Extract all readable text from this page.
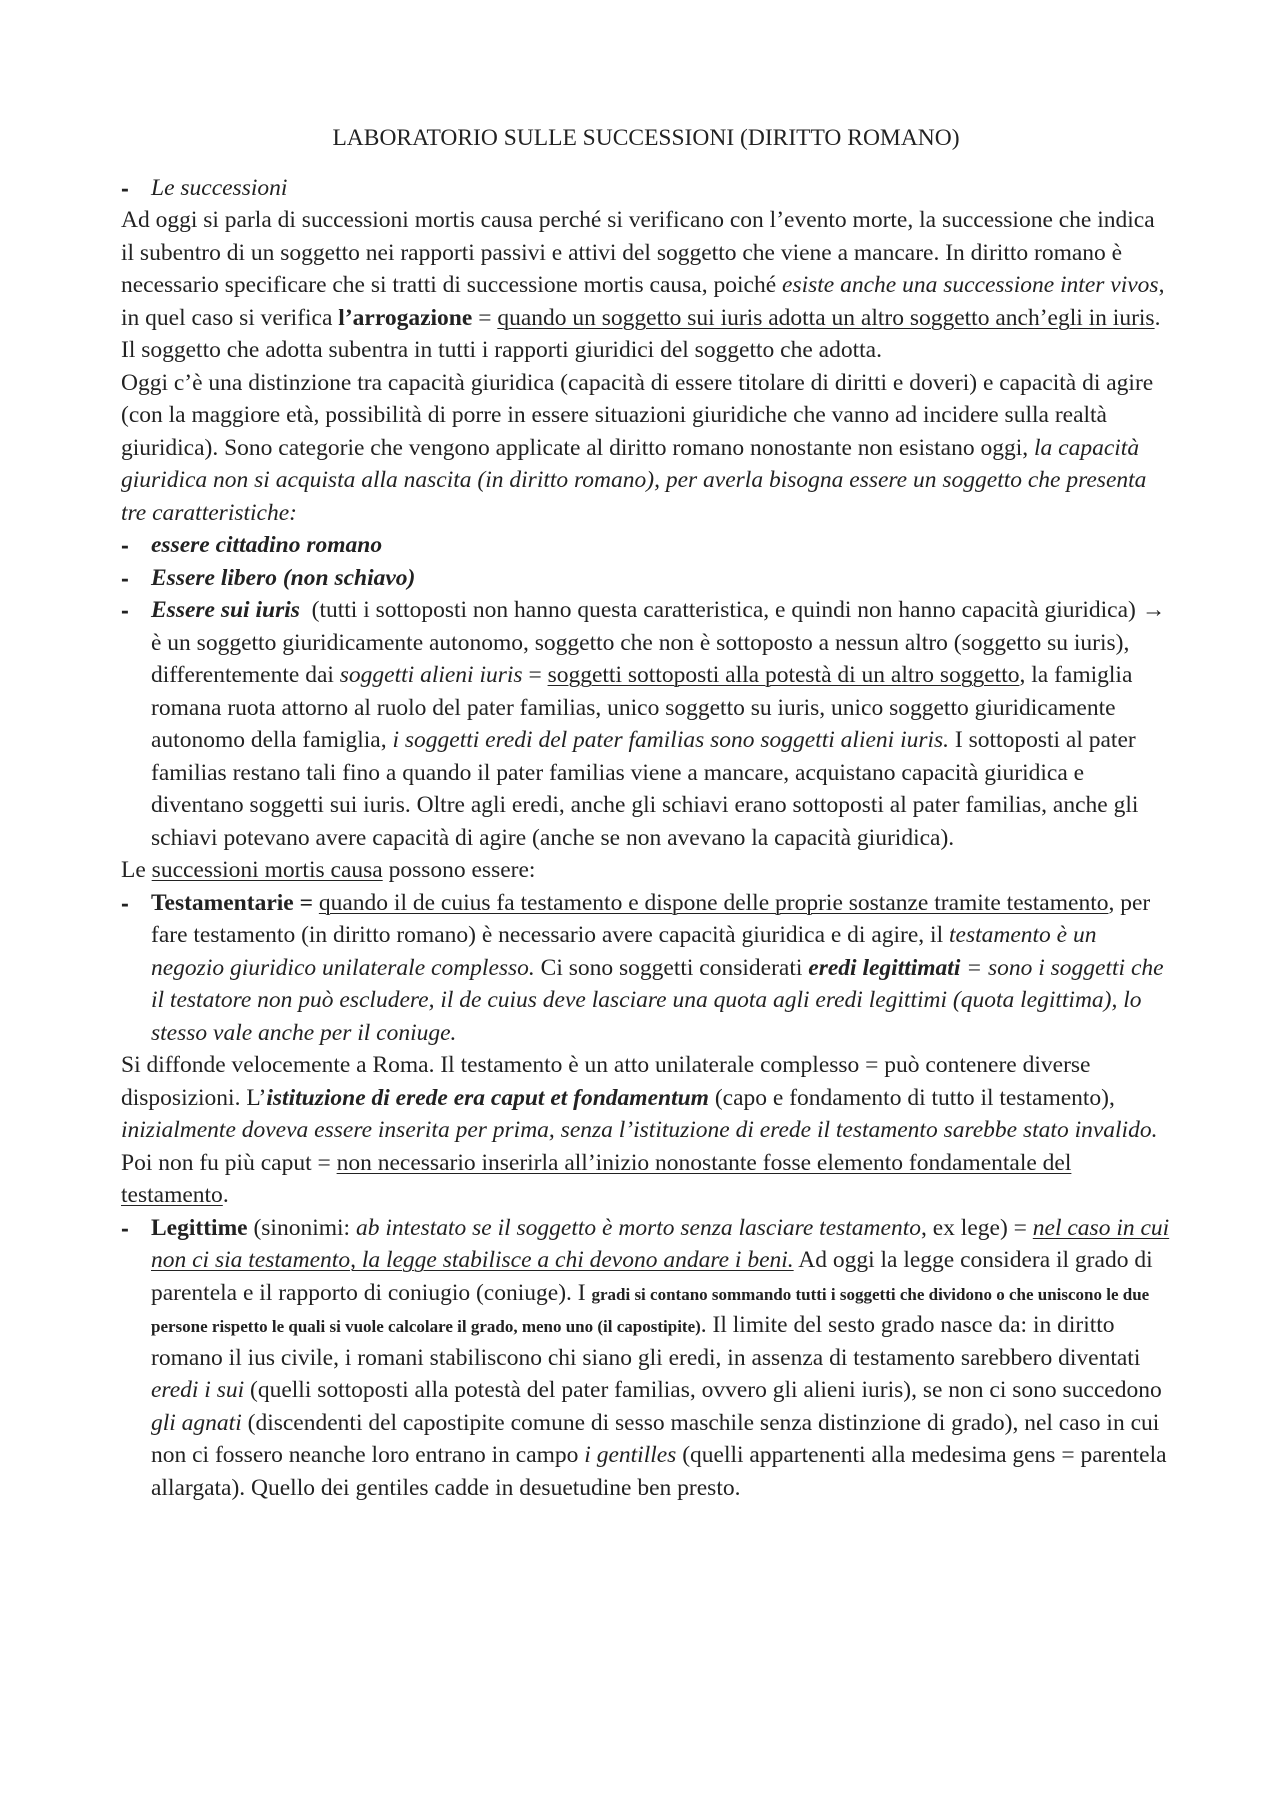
LABORATORIO SULLE SUCCESSIONI (DIRITTO ROMANO)

- Le successioni

Ad oggi si parla di successioni mortis causa perché si verificano con l’evento morte, la successione che indica il subentro di un soggetto nei rapporti passivi e attivi del soggetto che viene a mancare. In diritto romano è necessario specificare che si tratti di successione mortis causa, poiché esiste anche una successione inter vivos, in quel caso si verifica l’arrogazione = quando un soggetto sui iuris adotta un altro soggetto anch’egli in iuris. Il soggetto che adotta subentra in tutti i rapporti giuridici del soggetto che adotta.

Oggi c’è una distinzione tra capacità giuridica (capacità di essere titolare di diritti e doveri) e capacità di agire (con la maggiore età, possibilità di porre in essere situazioni giuridiche che vanno ad incidere sulla realtà giuridica). Sono categorie che vengono applicate al diritto romano nonostante non esistano oggi, la capacità giuridica non si acquista alla nascita (in diritto romano), per averla bisogna essere un soggetto che presenta tre caratteristiche:

- essere cittadino romano

- Essere libero (non schiavo)

- Essere sui iuris  (tutti i sottoposti non hanno questa caratteristica, e quindi non hanno capacità giuridica) → è un soggetto giuridicamente autonomo, soggetto che non è sottoposto a nessun altro (soggetto su iuris), differentemente dai soggetti alieni iuris = soggetti sottoposti alla potestà di un altro soggetto, la famiglia romana ruota attorno al ruolo del pater familias, unico soggetto su iuris, unico soggetto giuridicamente autonomo della famiglia, i soggetti eredi del pater familias sono soggetti alieni iuris. I sottoposti al pater familias restano tali fino a quando il pater familias viene a mancare, acquistano capacità giuridica e diventano soggetti sui iuris. Oltre agli eredi, anche gli schiavi erano sottoposti al pater familias, anche gli schiavi potevano avere capacità di agire (anche se non avevano la capacità giuridica).

Le successioni mortis causa possono essere:

- Testamentarie = quando il de cuius fa testamento e dispone delle proprie sostanze tramite testamento, per fare testamento (in diritto romano) è necessario avere capacità giuridica e di agire, il testamento è un negozio giuridico unilaterale complesso. Ci sono soggetti considerati eredi legittimati = sono i soggetti che il testatore non può escludere, il de cuius deve lasciare una quota agli eredi legittimi (quota legittima), lo stesso vale anche per il coniuge.

Si diffonde velocemente a Roma. Il testamento è un atto unilaterale complesso = può contenere diverse disposizioni. L’istituzione di erede era caput et fondamentum (capo e fondamento di tutto il testamento), inizialmente doveva essere inserita per prima, senza l’istituzione di erede il testamento sarebbe stato invalido. Poi non fu più caput = non necessario inserirla all’inizio nonostante fosse elemento fondamentale del testamento.

- Legittime (sinonimi: ab intestato se il soggetto è morto senza lasciare testamento, ex lege) = nel caso in cui non ci sia testamento, la legge stabilisce a chi devono andare i beni. Ad oggi la legge considera il grado di parentela e il rapporto di coniugio (coniuge). I gradi si contano sommando tutti i soggetti che dividono o che uniscono le due persone rispetto le quali si vuole calcolare il grado, meno uno (il capostipite). Il limite del sesto grado nasce da: in diritto romano il ius civile, i romani stabiliscono chi siano gli eredi, in assenza di testamento sarebbero diventati eredi i sui (quelli sottoposti alla potestà del pater familias, ovvero gli alieni iuris), se non ci sono succedono gli agnati (discendenti del capostipite comune di sesso maschile senza distinzione di grado), nel caso in cui non ci fossero neanche loro entrano in campo i gentilles (quelli appartenenti alla medesima gens = parentela allargata). Quello dei gentiles cadde in desuetudine ben presto.
